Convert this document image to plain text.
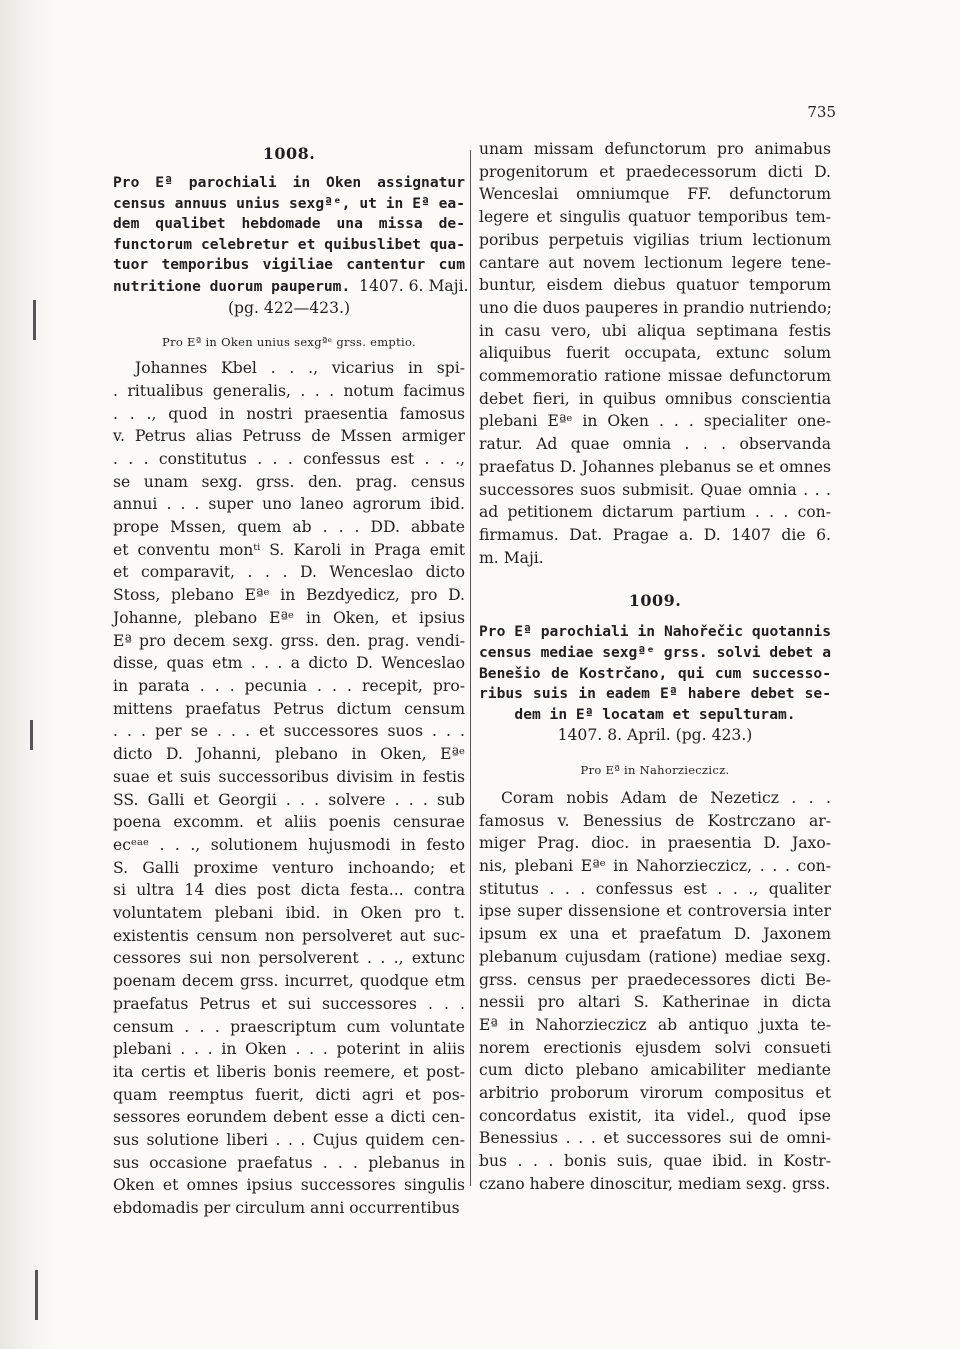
735

1008.

Pro Eª parochiali in Oken assignatur

census annuus unius sexgªᵉ, ut in Eª ea-

dem qualibet hebdomade una missa de-

functorum celebretur et quibuslibet qua-

tuor temporibus vigiliae cantentur cum

nutritione duorum pauperum. 1407. 6. Maji.

(pg. 422—423.)

Pro Eª in Oken unius sexgªᵉ grss. emptio.

Johannes Kbel . . ., vicarius in spi-

. ritualibus generalis, . . . notum facimus

. . ., quod in nostri praesentia famosus

v. Petrus alias Petruss de Mssen armiger

. . . constitutus . . . confessus est . . .,

se unam sexg. grss. den. prag. census

annui . . . super uno laneo agrorum ibid.

prope Mssen, quem ab . . . DD. abbate

et conventu monᵗⁱ S. Karoli in Praga emit

et comparavit, . . . D. Wenceslao dicto

Stoss, plebano Eªᵉ in Bezdyedicz, pro D.

Johanne, plebano Eªᵉ in Oken, et ipsius

Eª pro decem sexg. grss. den. prag. vendi-

disse, quas etm . . . a dicto D. Wenceslao

in parata . . . pecunia . . . recepit, pro-

mittens praefatus Petrus dictum censum

. . . per se . . . et successores suos . . .

dicto D. Johanni, plebano in Oken, Eªᵉ

suae et suis successoribus divisim in festis

SS. Galli et Georgii . . . solvere . . . sub

poena excomm. et aliis poenis censurae

ecᵉᵃᵉ . . ., solutionem hujusmodi in festo

S. Galli proxime venturo inchoando; et

si ultra 14 dies post dicta festa... contra

voluntatem plebani ibid. in Oken pro t.

existentis censum non persolveret aut suc-

cessores sui non persolverent . . ., extunc

poenam decem grss. incurret, quodque etm

praefatus Petrus et sui successores . . .

censum . . . praescriptum cum voluntate

plebani . . . in Oken . . . poterint in aliis

ita certis et liberis bonis reemere, et post-

quam reemptus fuerit, dicti agri et pos-

sessores eorundem debent esse a dicti cen-

sus solutione liberi . . . Cujus quidem cen-

sus occasione praefatus . . . plebanus in

Oken et omnes ipsius successores singulis

ebdomadis per circulum anni occurrentibus

unam missam defunctorum pro animabus

progenitorum et praedecessorum dicti D.

Wenceslai omniumque FF. defunctorum

legere et singulis quatuor temporibus tem-

poribus perpetuis vigilias trium lectionum

cantare aut novem lectionum legere tene-

buntur, eisdem diebus quatuor temporum

uno die duos pauperes in prandio nutriendo;

in casu vero, ubi aliqua septimana festis

aliquibus fuerit occupata, extunc solum

commemoratio ratione missae defunctorum

debet fieri, in quibus omnibus conscientia

plebani Eªᵉ in Oken . . . specialiter one-

ratur. Ad quae omnia . . . observanda

praefatus D. Johannes plebanus se et omnes

successores suos submisit. Quae omnia . . .

ad petitionem dictarum partium . . . con-

firmamus. Dat. Pragae a. D. 1407 die 6.

m. Maji.

1009.

Pro Eª parochiali in Nahořečic quotannis

census mediae sexgªᵉ grss. solvi debet a

Benešio de Kostrčano, qui cum successo-

ribus suis in eadem Eª habere debet se-

dem in Eª locatam et sepulturam.

1407. 8. April. (pg. 423.)

Pro Eª in Nahorzieczicz.

Coram nobis Adam de Nezeticz . . .

famosus v. Benessius de Kostrczano ar-

miger Prag. dioc. in praesentia D. Jaxo-

nis, plebani Eªᵉ in Nahorzieczicz, . . . con-

stitutus . . . confessus est . . ., qualiter

ipse super dissensione et controversia inter

ipsum ex una et praefatum D. Jaxonem

plebanum cujusdam (ratione) mediae sexg.

grss. census per praedecessores dicti Be-

nessii pro altari S. Katherinae in dicta

Eª in Nahorzieczicz ab antiquo juxta te-

norem erectionis ejusdem solvi consueti

cum dicto plebano amicabiliter mediante

arbitrio proborum virorum compositus et

concordatus existit, ita videl., quod ipse

Benessius . . . et successores sui de omni-

bus . . . bonis suis, quae ibid. in Kostr-

czano habere dinoscitur, mediam sexg. grss.
